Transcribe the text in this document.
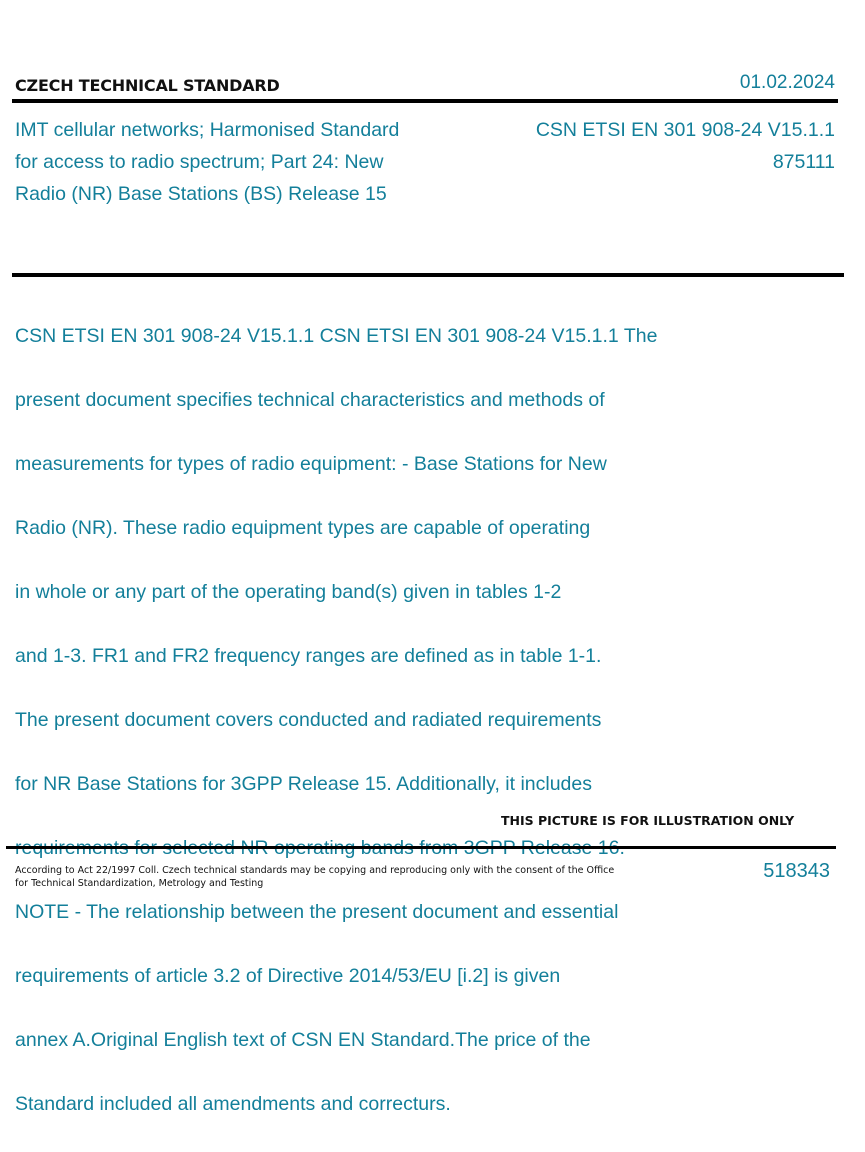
CZECH TECHNICAL STANDARD	01.02.2024
IMT cellular networks; Harmonised Standard
for access to radio spectrum; Part 24: New
Radio (NR) Base Stations (BS) Release 15
CSN ETSI EN 301 908-24 V15.1.1
875111

CSN ETSI EN 301 908-24 V15.1.1 CSN ETSI EN 301 908-24 V15.1.1 The

present document specifies technical characteristics and methods of

measurements for types of radio equipment: - Base Stations for New

Radio (NR). These radio equipment types are capable of operating

in whole or any part of the operating band(s) given in tables 1-2

and 1-3. FR1 and FR2 frequency ranges are defined as in table 1-1.

The present document covers conducted and radiated requirements

for NR Base Stations for 3GPP Release 15. Additionally, it includes

NOTE - The relationship between the present document and essential

requirements of article 3.2 of Directive 2014/53/EU [i.2] is given

annex A.Original English text of CSN EN Standard.The price of the

Standard included all amendments and correcturs.

THIS PICTURE IS FOR ILLUSTRATION ONLY
According to Act 22/1997 Coll. Czech technical standards may be copying and reproducing only with the consent of the Office
for Technical Standardization, Metrology and Testing
518343
